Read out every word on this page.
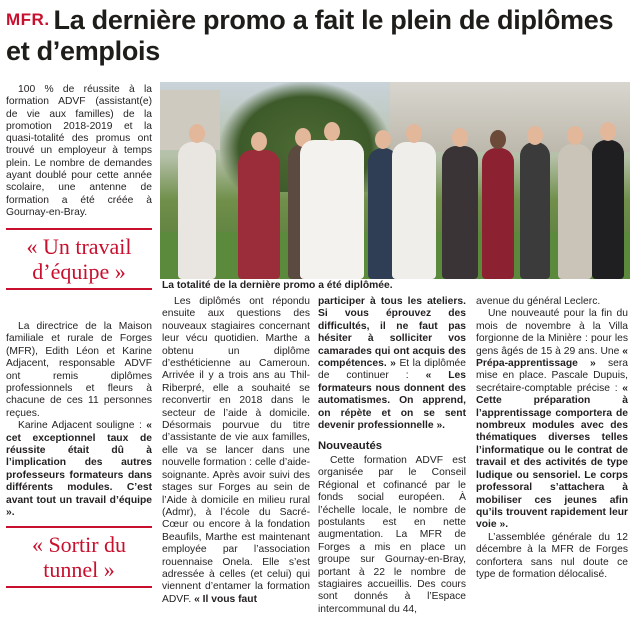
MFR. La dernière promo a fait le plein de diplômes et d’emplois

100 % de réussite à la formation ADVF (assistant(e) de vie aux familles) de la promotion 2018-2019 et la quasi-totalité des promus ont trouvé un employeur à temps plein. Le nombre de demandes ayant doublé pour cette année scolaire, une antenne de formation a été créée à Gournay-en-Bray.

« Un travail d’équipe »

La directrice de la Maison familiale et rurale de Forges (MFR), Edith Léon et Karine Adjacent, responsable ADVF ont remis diplômes professionnels et fleurs à chacune de ces 11 personnes reçues.

Karine Adjacent souligne : « cet exceptionnel taux de réussite était dû à l’implication des autres professeurs formateurs dans différents modules. C’est avant tout un travail d’équipe ».

« Sortir du tunnel »
La totalité de la dernière promo a été diplômée.

Les diplômés ont répondu ensuite aux questions des nouveaux stagiaires concernant leur vécu quotidien. Marthe a obtenu un diplôme d’esthéticienne au Cameroun. Arrivée il y a trois ans au Thil-Riberpré, elle a souhaité se reconvertir en 2018 dans le secteur de l’aide à domicile. Désormais pourvue du titre d’assistante de vie aux familles, elle va se lancer dans une nouvelle formation : celle d’aide-soignante. Après avoir suivi des stages sur Forges au sein de l’Aide à domicile en milieu rural (Admr), à l’école du Sacré-Cœur ou encore à la fondation Beaufils, Marthe est maintenant employée par l’association rouennaise Onela. Elle s’est adressée à celles (et celui) qui viennent d’entamer la formation ADVF. « Il vous faut

participer à tous les ateliers. Si vous éprouvez des difficultés, il ne faut pas hésiter à solliciter vos camarades qui ont acquis des compétences. » Et la diplômée de continuer : « Les formateurs nous donnent des automatismes. On apprend, on répète et on se sent devenir professionnelle ».

Nouveautés

Cette formation ADVF est organisée par le Conseil Régional et cofinancé par le fonds social européen. À l’échelle locale, le nombre de postulants est en nette augmentation. La MFR de Forges a mis en place un groupe sur Gournay-en-Bray, portant à 22 le nombre de stagiaires accueillis. Des cours sont donnés à l’Espace intercommunal du 44,

avenue du général Leclerc.

Une nouveauté pour la fin du mois de novembre à la Villa forgionne de la Minière : pour les gens âgés de 15 à 29 ans. Une « Prépa-apprentissage » sera mise en place. Pascale Dupuis, secrétaire-comptable précise : « Cette préparation à l’apprentissage comportera de nombreux modules avec des thématiques diverses telles l’informatique ou le contrat de travail et des activités de type ludique ou sensoriel. Le corps professoral s’attachera à mobiliser ces jeunes afin qu’ils trouvent rapidement leur voie ».

L’assemblée générale du 12 décembre à la MFR de Forges confortera sans nul doute ce type de formation délocalisé.
